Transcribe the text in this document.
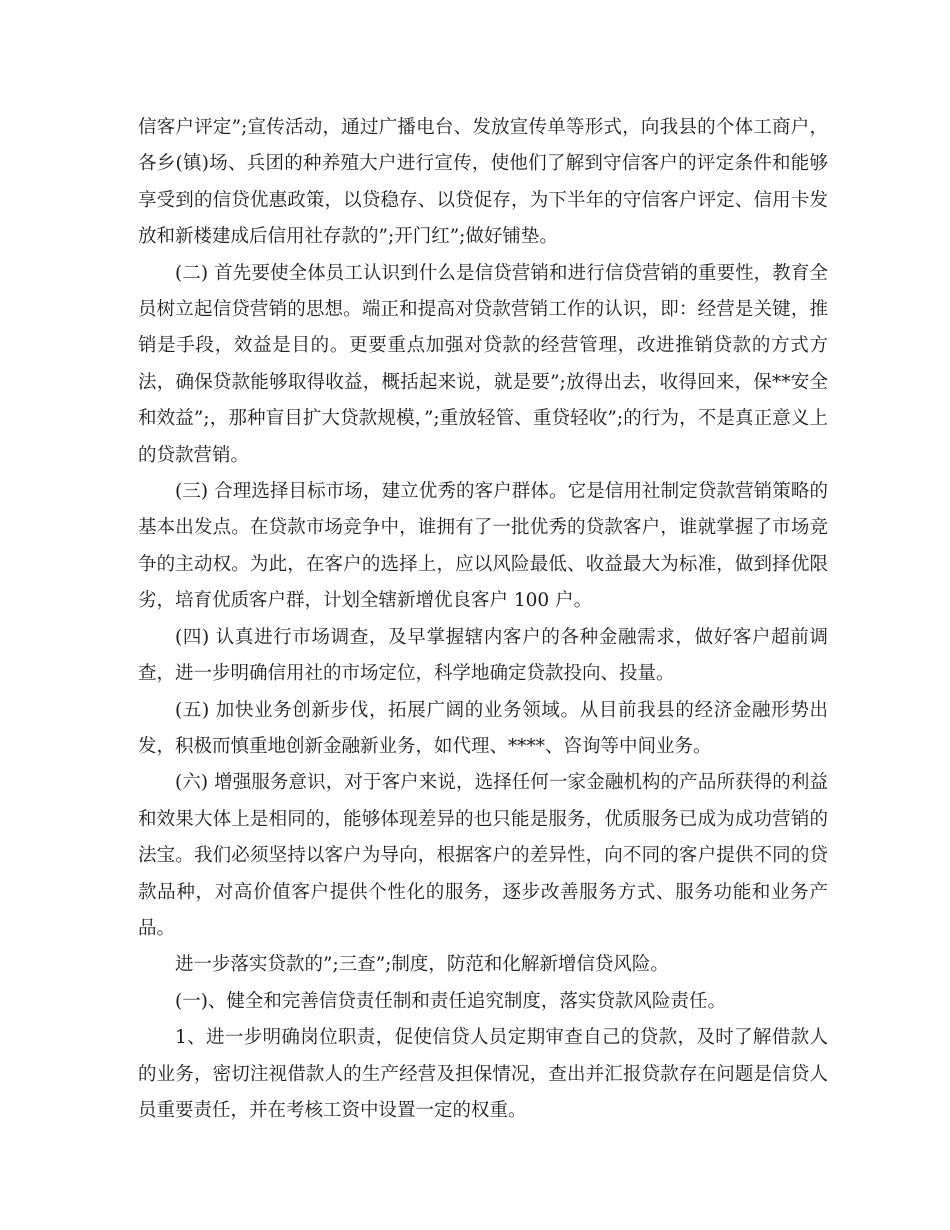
信客户评定”;宣传活动，通过广播电台、发放宣传单等形式，向我县的个体工商户，各乡(镇)场、兵团的种养殖大户进行宣传，使他们了解到守信客户的评定条件和能够享受到的信贷优惠政策，以贷稳存、以贷促存，为下半年的守信客户评定、信用卡发放和新楼建成后信用社存款的”;开门红”;做好铺垫。

(二) 首先要使全体员工认识到什么是信贷营销和进行信贷营销的重要性，教育全员树立起信贷营销的思想。端正和提高对贷款营销工作的认识，即：经营是关键，推销是手段，效益是目的。更要重点加强对贷款的经营管理，改进推销贷款的方式方法，确保贷款能够取得收益，概括起来说，就是要”;放得出去，收得回来，保**安全和效益”;，那种盲目扩大贷款规模，”;重放轻管、重贷轻收”;的行为，不是真正意义上的贷款营销。

(三) 合理选择目标市场，建立优秀的客户群体。它是信用社制定贷款营销策略的基本出发点。在贷款市场竞争中，谁拥有了一批优秀的贷款客户，谁就掌握了市场竞争的主动权。为此，在客户的选择上，应以风险最低、收益最大为标准，做到择优限劣，培育优质客户群，计划全辖新增优良客户 100 户。

(四) 认真进行市场调查，及早掌握辖内客户的各种金融需求，做好客户超前调查，进一步明确信用社的市场定位，科学地确定贷款投向、投量。

(五) 加快业务创新步伐，拓展广阔的业务领域。从目前我县的经济金融形势出发，积极而慎重地创新金融新业务，如代理、****、咨询等中间业务。

(六) 增强服务意识，对于客户来说，选择任何一家金融机构的产品所获得的利益和效果大体上是相同的，能够体现差异的也只能是服务，优质服务已成为成功营销的法宝。我们必须坚持以客户为导向，根据客户的差异性，向不同的客户提供不同的贷款品种，对高价值客户提供个性化的服务，逐步改善服务方式、服务功能和业务产品。

进一步落实贷款的”;三查”;制度，防范和化解新增信贷风险。

(一)、健全和完善信贷责任制和责任追究制度，落实贷款风险责任。

1、进一步明确岗位职责，促使信贷人员定期审查自己的贷款，及时了解借款人的业务，密切注视借款人的生产经营及担保情况，查出并汇报贷款存在问题是信贷人员重要责任，并在考核工资中设置一定的权重。
